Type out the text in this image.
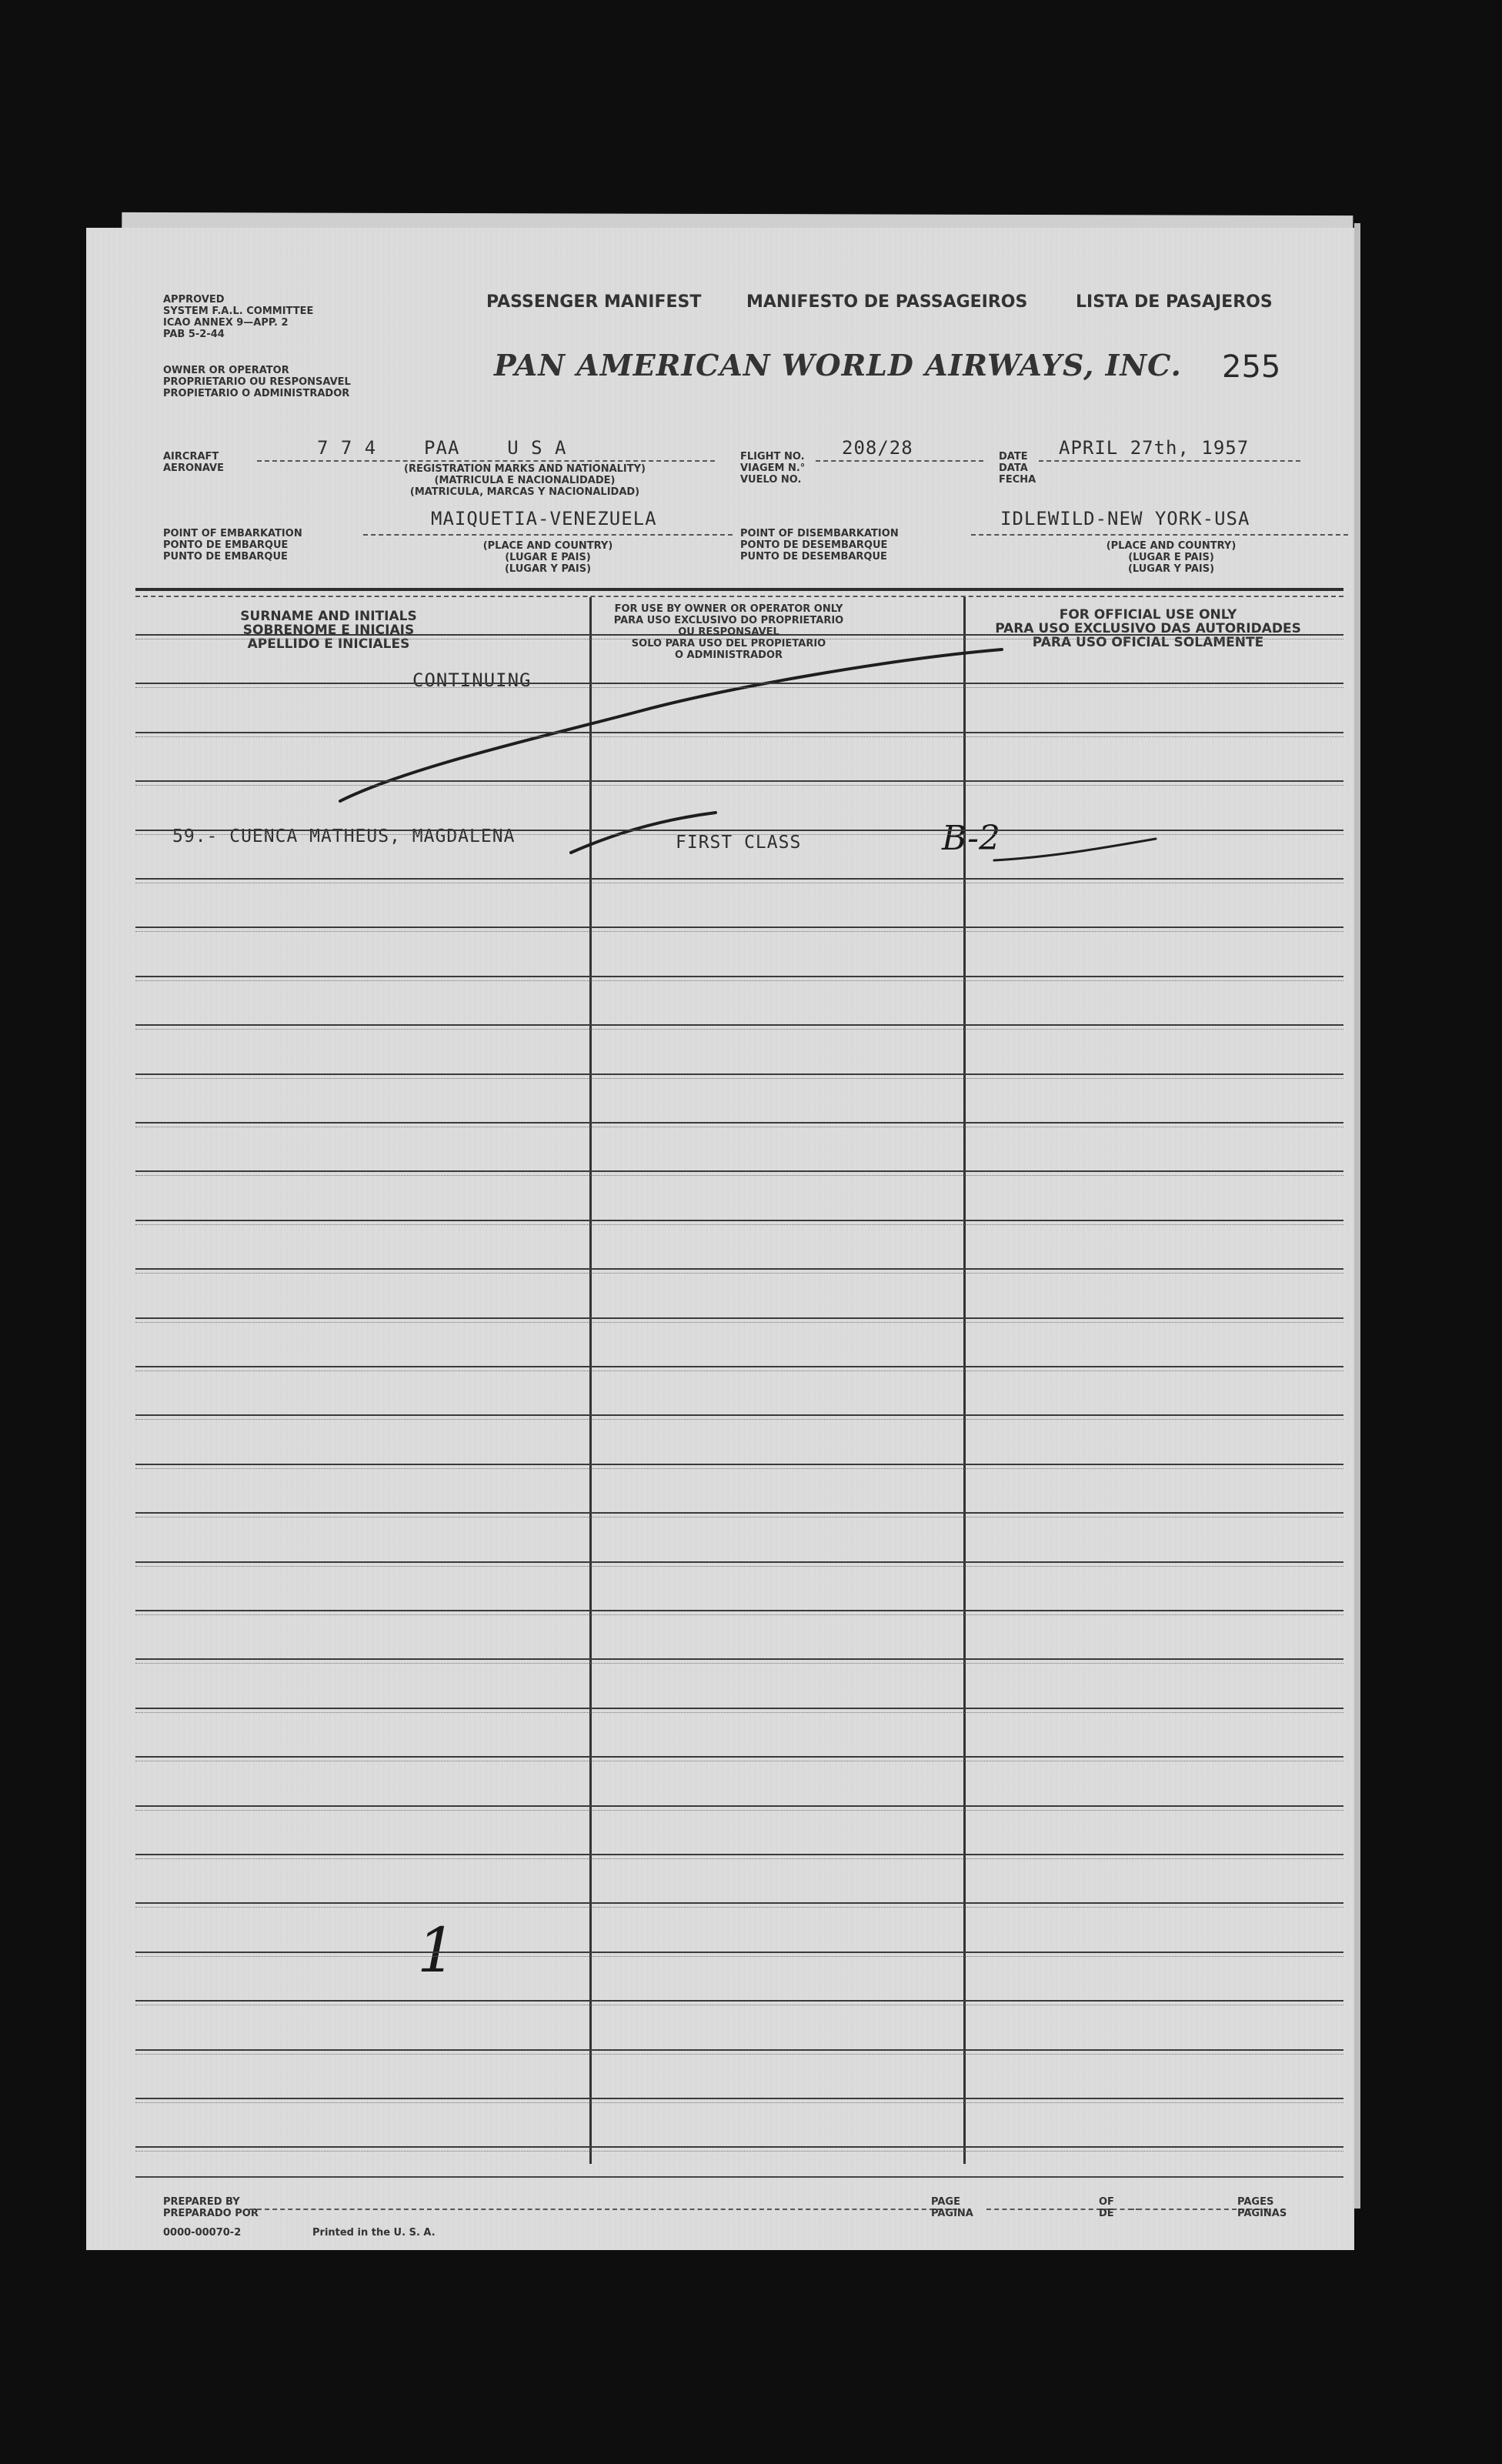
APPROVED
SYSTEM F.A.L. COMMITTEE
ICAO ANNEX 9—APP. 2
PAB 5-2-44
OWNER OR OPERATOR
PROPRIETARIO OU RESPONSAVEL
PROPIETARIO O ADMINISTRADOR
PASSENGER MANIFEST	MANIFESTO DE PASSAGEIROS	LISTA DE PASAJEROS
PAN AMERICAN WORLD AIRWAYS, INC. 255
AIRCRAFT
AERONAVE
7 7 4    PAA    U S A
(REGISTRATION MARKS AND NATIONALITY)
(MATRICULA E NACIONALIDADE)
(MATRICULA, MARCAS Y NACIONALIDAD)
FLIGHT NO.
VIAGEM N.°
VUELO NO.
208/28	DATE
DATA
FECHA
APRIL 27th, 1957
POINT OF EMBARKATION
PONTO DE EMBARQUE
PUNTO DE EMBARQUE
MAIQUETIA-VENEZUELA
(PLACE AND COUNTRY)
(LUGAR E PAIS)
(LUGAR Y PAIS)
POINT OF DISEMBARKATION
PONTO DE DESEMBARQUE
PUNTO DE DESEMBARQUE
IDLEWILD-NEW YORK-USA
(PLACE AND COUNTRY)
(LUGAR E PAIS)
(LUGAR Y PAIS)
SURNAME AND INITIALS
SOBRENOME E INICIAIS
APELLIDO E INICIALES
FOR USE BY OWNER OR OPERATOR ONLY
PARA USO EXCLUSIVO DO PROPRIETARIO
OU RESPONSAVEL
SOLO PARA USO DEL PROPIETARIO
O ADMINISTRADOR
FOR OFFICIAL USE ONLY
PARA USO EXCLUSIVO DAS AUTORIDADES
PARA USO OFICIAL SOLAMENTE
CONTINUING
59.- CUENCA MATHEUS, MAGDALENA	FIRST CLASS	B-2
1
PREPARED BY
PREPARADO POR
PAGE
PAGINA
OF
DE
PAGES
PAGINAS
0000-00070-2	Printed in the U. S. A.
